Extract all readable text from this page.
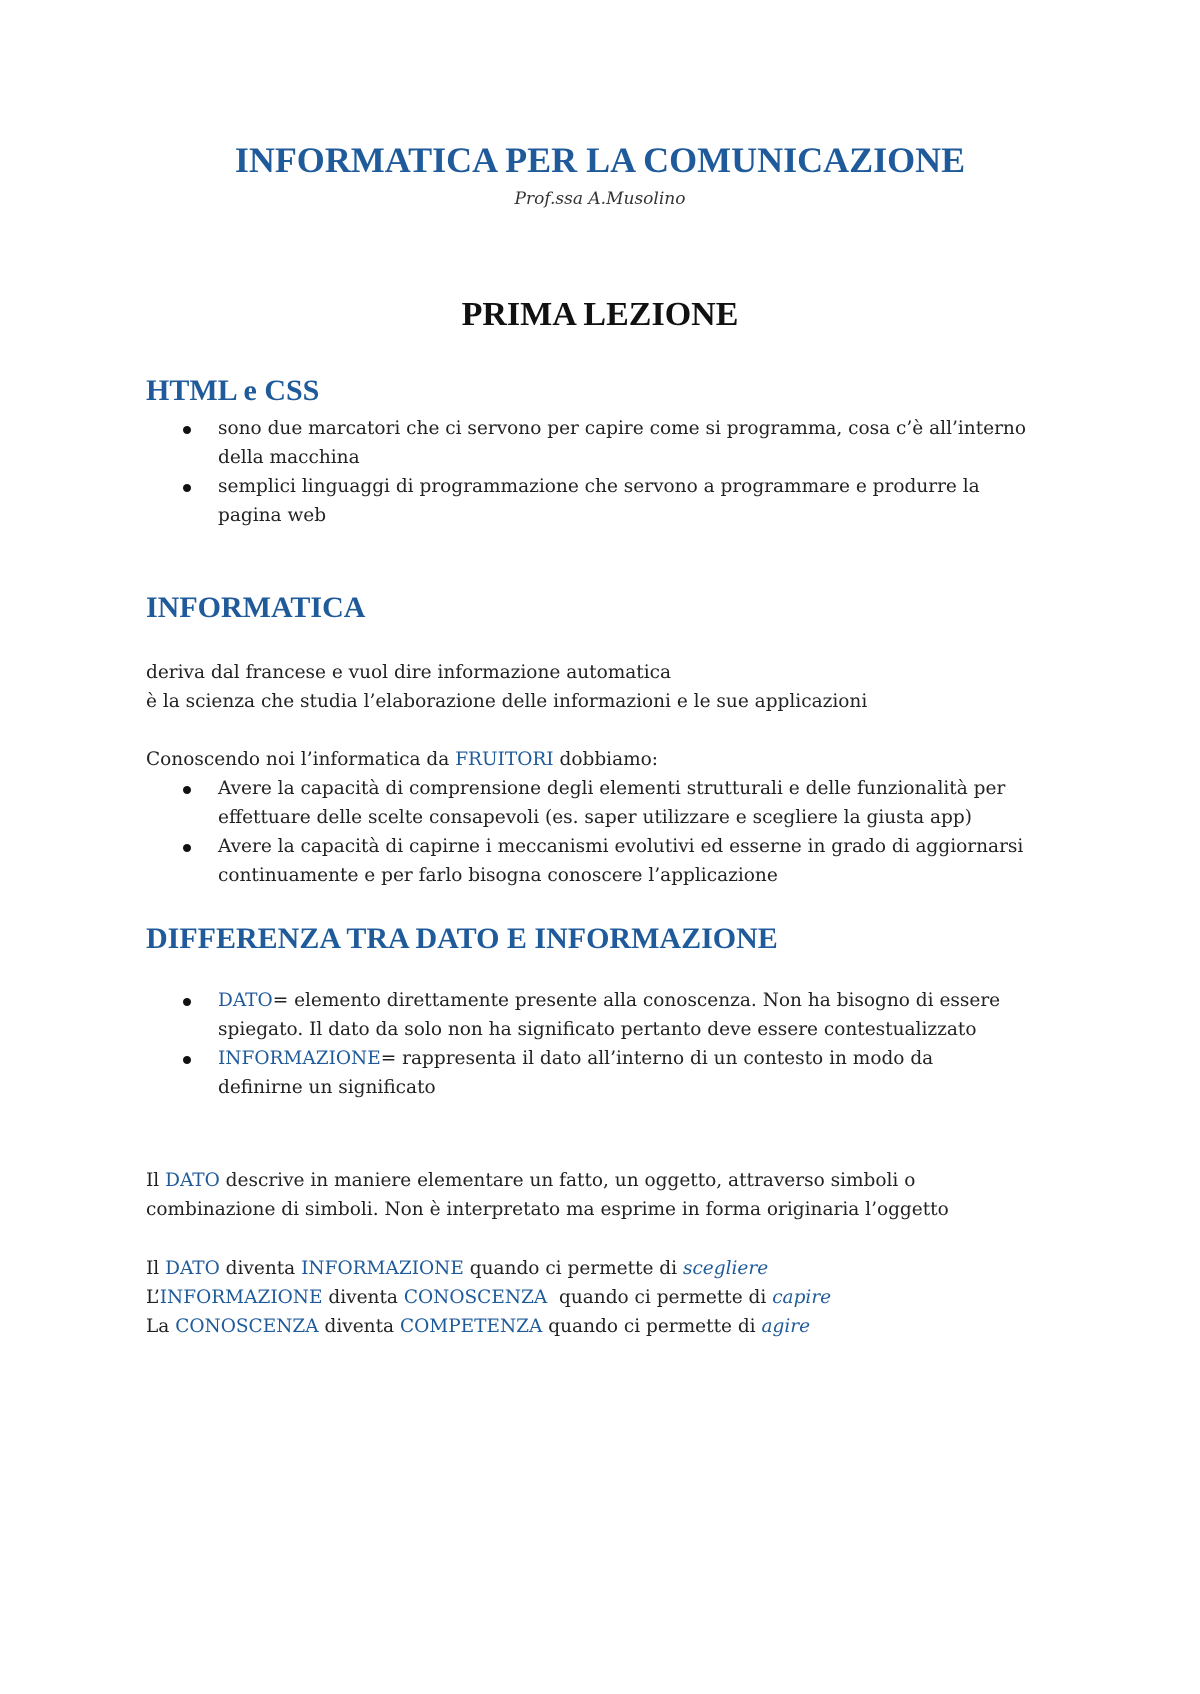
INFORMATICA PER LA COMUNICAZIONE
Prof.ssa A.Musolino
PRIMA LEZIONE
HTML e CSS
sono due marcatori che ci servono per capire come si programma, cosa c’è all’interno
della macchina
semplici linguaggi di programmazione che servono a programmare e produrre la
pagina web
INFORMATICA
deriva dal francese e vuol dire informazione automatica
è la scienza che studia l’elaborazione delle informazioni e le sue applicazioni
Conoscendo noi l’informatica da FRUITORI dobbiamo:
Avere la capacità di comprensione degli elementi strutturali e delle funzionalità per
effettuare delle scelte consapevoli (es. saper utilizzare e scegliere la giusta app)
Avere la capacità di capirne i meccanismi evolutivi ed esserne in grado di aggiornarsi
continuamente e per farlo bisogna conoscere l’applicazione
DIFFERENZA TRA DATO E INFORMAZIONE
DATO= elemento direttamente presente alla conoscenza. Non ha bisogno di essere
spiegato. Il dato da solo non ha significato pertanto deve essere contestualizzato
INFORMAZIONE= rappresenta il dato all’interno di un contesto in modo da
definirne un significato
Il DATO descrive in maniere elementare un fatto, un oggetto, attraverso simboli o
combinazione di simboli. Non è interpretato ma esprime in forma originaria l’oggetto
Il DATO diventa INFORMAZIONE quando ci permette di scegliere
L’INFORMAZIONE diventa CONOSCENZA  quando ci permette di capire
La CONOSCENZA diventa COMPETENZA quando ci permette di agire
